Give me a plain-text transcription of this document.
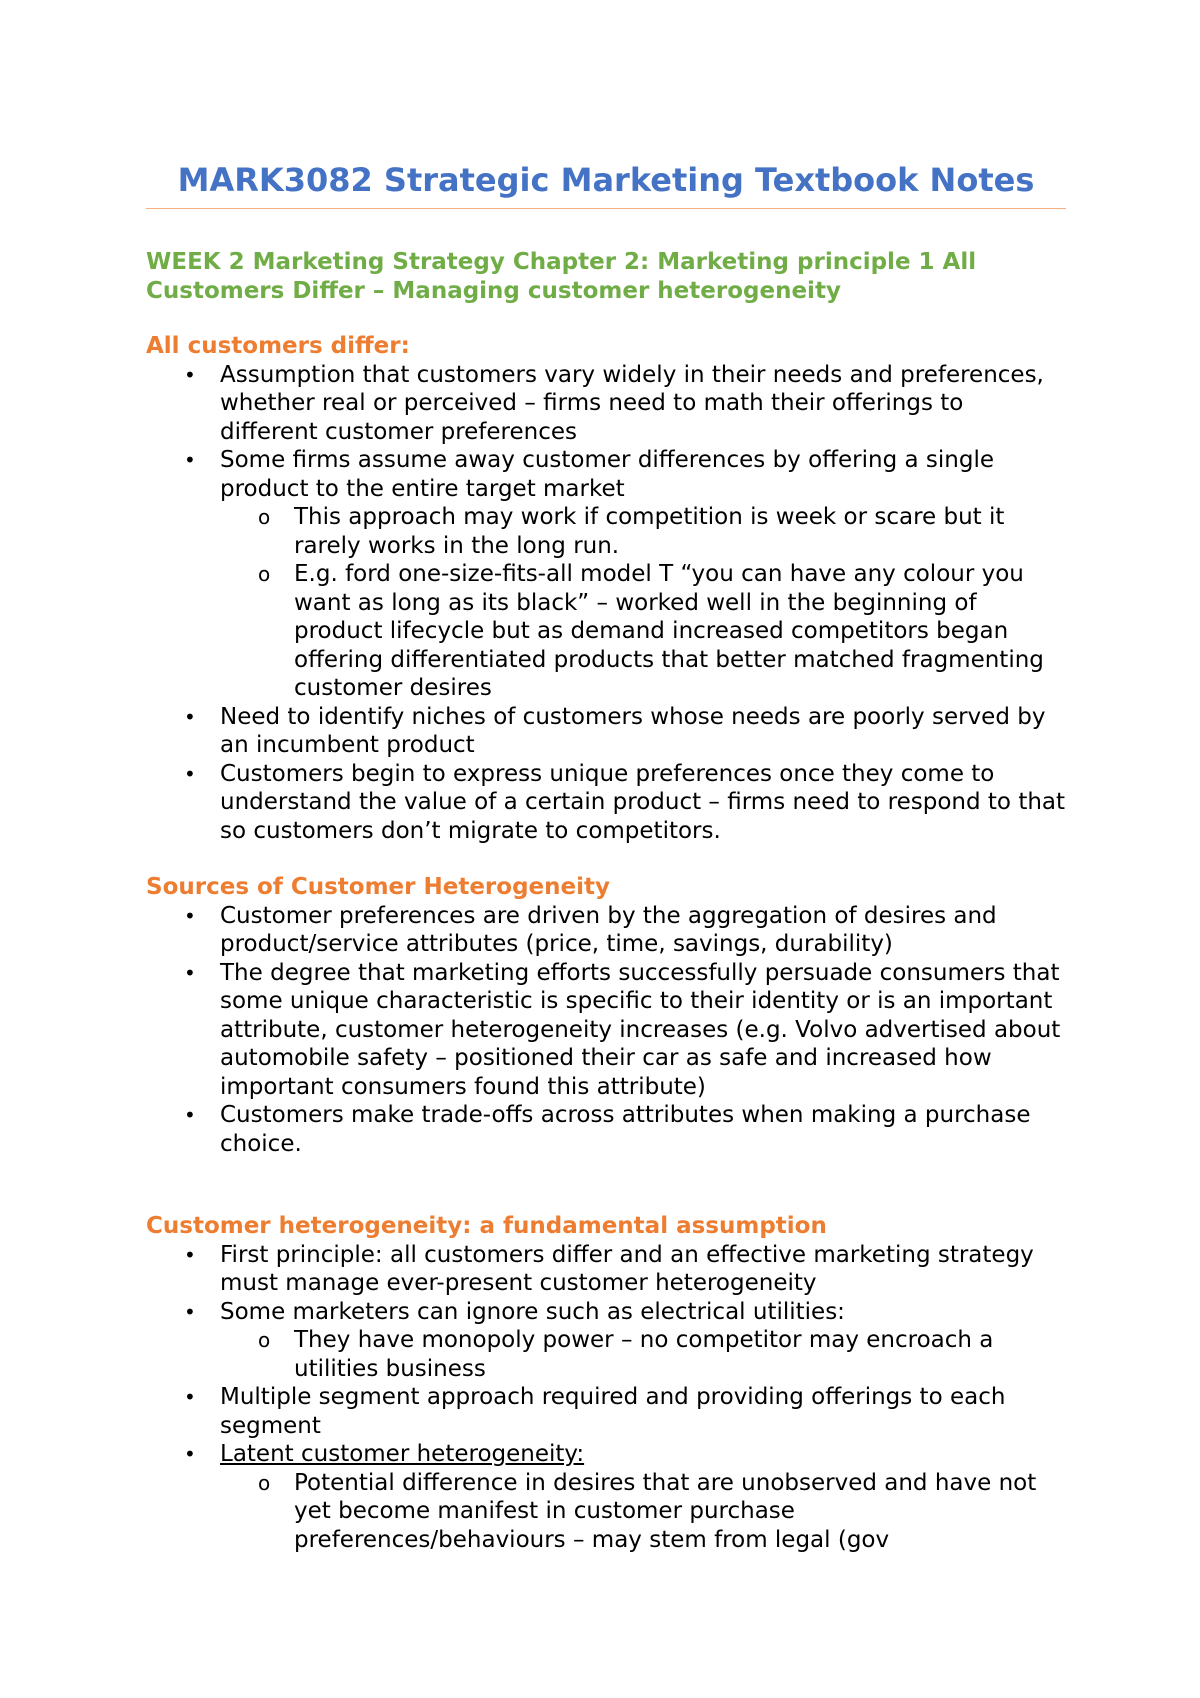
MARK3082 Strategic Marketing Textbook Notes
WEEK 2 Marketing Strategy Chapter 2: Marketing principle 1 All Customers Differ – Managing customer heterogeneity
All customers differ:
• Assumption that customers vary widely in their needs and preferences, whether real or perceived – firms need to math their offerings to different customer preferences
• Some firms assume away customer differences by offering a single product to the entire target market
o This approach may work if competition is week or scare but it rarely works in the long run.
o E.g. ford one-size-fits-all model T “you can have any colour you want as long as its black” – worked well in the beginning of product lifecycle but as demand increased competitors began offering differentiated products that better matched fragmenting customer desires
• Need to identify niches of customers whose needs are poorly served by an incumbent product
• Customers begin to express unique preferences once they come to understand the value of a certain product – firms need to respond to that so customers don’t migrate to competitors.
Sources of Customer Heterogeneity
• Customer preferences are driven by the aggregation of desires and product/service attributes (price, time, savings, durability)
• The degree that marketing efforts successfully persuade consumers that some unique characteristic is specific to their identity or is an important attribute, customer heterogeneity increases (e.g. Volvo advertised about automobile safety – positioned their car as safe and increased how important consumers found this attribute)
• Customers make trade-offs across attributes when making a purchase choice.
Customer heterogeneity: a fundamental assumption
• First principle: all customers differ and an effective marketing strategy must manage ever-present customer heterogeneity
• Some marketers can ignore such as electrical utilities:
o They have monopoly power – no competitor may encroach a utilities business
• Multiple segment approach required and providing offerings to each segment
• Latent customer heterogeneity:
o Potential difference in desires that are unobserved and have not yet become manifest in customer purchase preferences/behaviours – may stem from legal (gov
